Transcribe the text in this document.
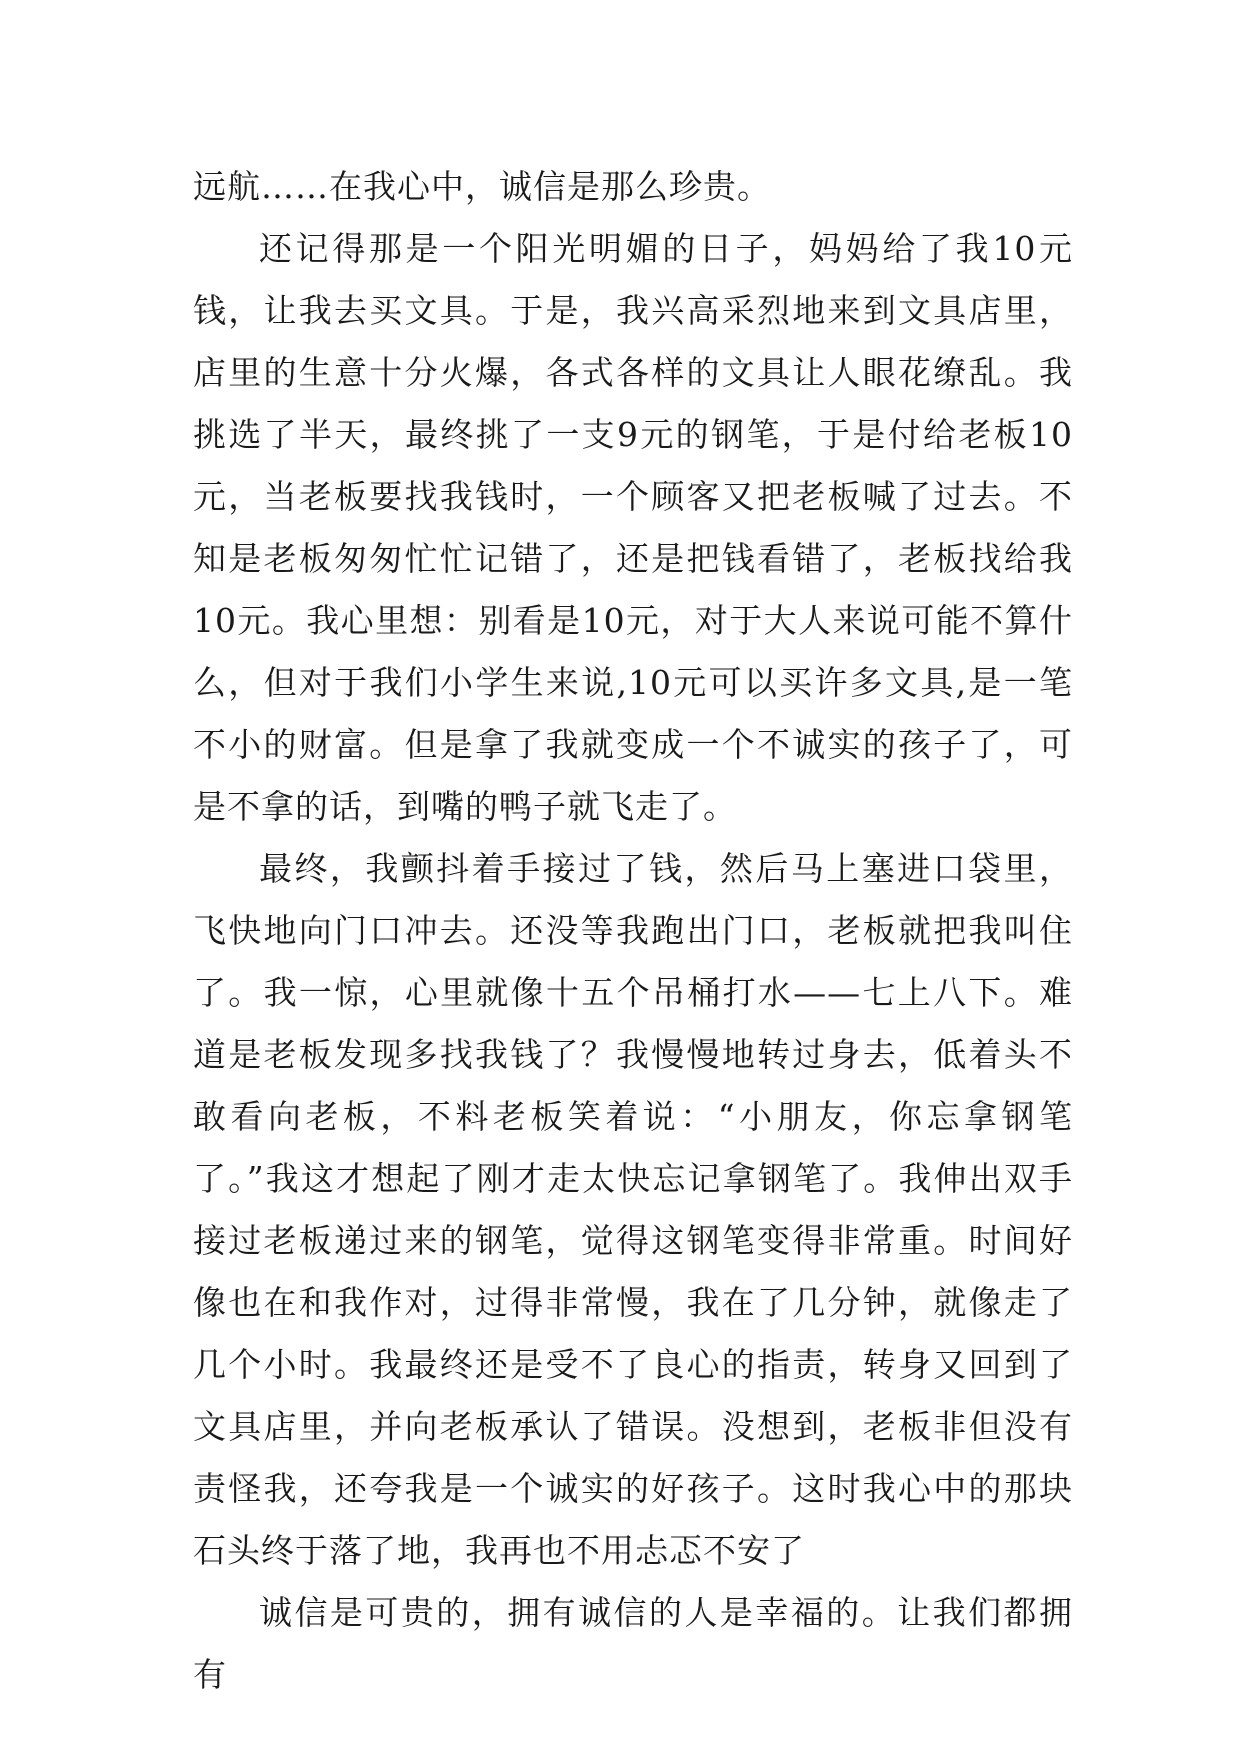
远航……在我心中，诚信是那么珍贵。

还记得那是一个阳光明媚的日子，妈妈给了我10元钱，让我去买文具。于是，我兴高采烈地来到文具店里，店里的生意十分火爆，各式各样的文具让人眼花缭乱。我挑选了半天，最终挑了一支9元的钢笔，于是付给老板10元，当老板要找我钱时，一个顾客又把老板喊了过去。不知是老板匆匆忙忙记错了，还是把钱看错了，老板找给我10元。我心里想：别看是10元，对于大人来说可能不算什么，但对于我们小学生来说,10元可以买许多文具,是一笔不小的财富。但是拿了我就变成一个不诚实的孩子了，可是不拿的话，到嘴的鸭子就飞走了。

最终，我颤抖着手接过了钱，然后马上塞进口袋里，飞快地向门口冲去。还没等我跑出门口，老板就把我叫住了。我一惊，心里就像十五个吊桶打水——七上八下。难道是老板发现多找我钱了？我慢慢地转过身去，低着头不敢看向老板，不料老板笑着说：“小朋友，你忘拿钢笔了。”我这才想起了刚才走太快忘记拿钢笔了。我伸出双手接过老板递过来的钢笔，觉得这钢笔变得非常重。时间好像也在和我作对，过得非常慢，我在了几分钟，就像走了几个小时。我最终还是受不了良心的指责，转身又回到了文具店里，并向老板承认了错误。没想到，老板非但没有责怪我，还夸我是一个诚实的好孩子。这时我心中的那块石头终于落了地，我再也不用忐忑不安了

诚信是可贵的，拥有诚信的人是幸福的。让我们都拥有
